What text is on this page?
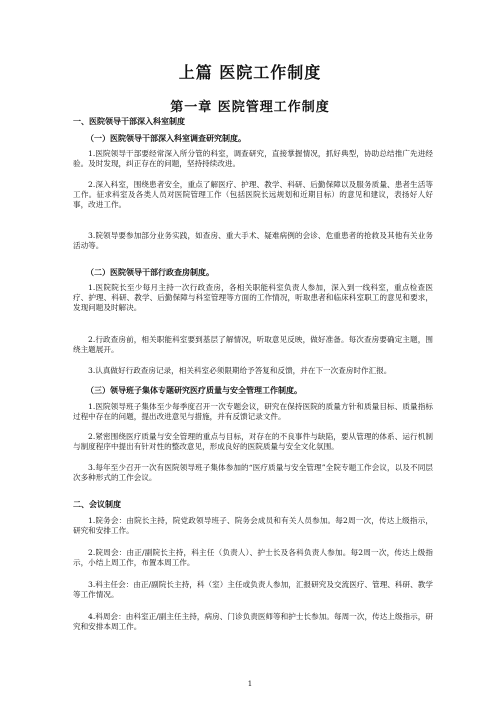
上篇 医院工作制度
第一章 医院管理工作制度
一、医院领导干部深入科室制度
（一）医院领导干部深入科室调查研究制度。
1.医院领导干部要经常深入所分管的科室，调查研究，直接掌握情况，抓好典型，协助总结推广先进经验。及时发现，纠正存在的问题，坚持持续改进。
2.深入科室，围绕患者安全，重点了解医疗、护理、教学、科研、后勤保障以及服务质量、患者生活等工作。征求科室及各类人员对医院管理工作（包括医院长远规划和近期目标）的意见和建议，表扬好人好事，改进工作。
3.院领导要参加部分业务实践，如查房、重大手术、疑难病例的会诊、危重患者的抢救及其他有关业务活动等。
（二）医院领导干部行政查房制度。
1.医院院长至少每月主持一次行政查房，各相关职能科室负责人参加，深入到一线科室，重点检查医疗、护理、科研、教学、后勤保障与科室管理等方面的工作情况，听取患者和临床科室职工的意见和要求，发现问题及时解决。
2.行政查房前，相关职能科室要到基层了解情况，听取意见反映，做好准备。每次查房要确定主题，围绕主题展开。
3.认真做好行政查房记录，相关科室必须限期给予答复和反馈，并在下一次查房时作汇报。
（三）领导班子集体专题研究医疗质量与安全管理工作制度。
1.医院领导班子集体至少每季度召开一次专题会议，研究在保持医院的质量方针和质量目标、质量指标过程中存在的问题，提出改进意见与措施，并有反馈记录文件。
2.紧密围绕医疗质量与安全管理的重点与目标，对存在的不良事件与缺陷，要从管理的体系、运行机制与制度程序中提出有针对性的整改意见，形成良好的医院质量与安全文化氛围。
3.每年至少召开一次有医院领导班子集体参加的“医疗质量与安全管理”全院专题工作会议，以及不同层次多种形式的工作会议。
二、会议制度
1.院务会：由院长主持，院党政领导班子、院务会成员和有关人员参加。每2周一次，传达上级指示，研究和安排工作。
2.院周会：由正/副院长主持，科主任（负责人）、护士长及各科负责人参加。每2周一次，传达上级指示，小结上周工作，布置本周工作。
3.科主任会：由正/副院长主持，科（室）主任或负责人参加，汇报研究及交流医疗、管理、科研、教学等工作情况。
4.科周会：由科室正/副主任主持，病房、门诊负责医师等和护士长参加。每周一次，传达上级指示，研究和安排本周工作。
1
